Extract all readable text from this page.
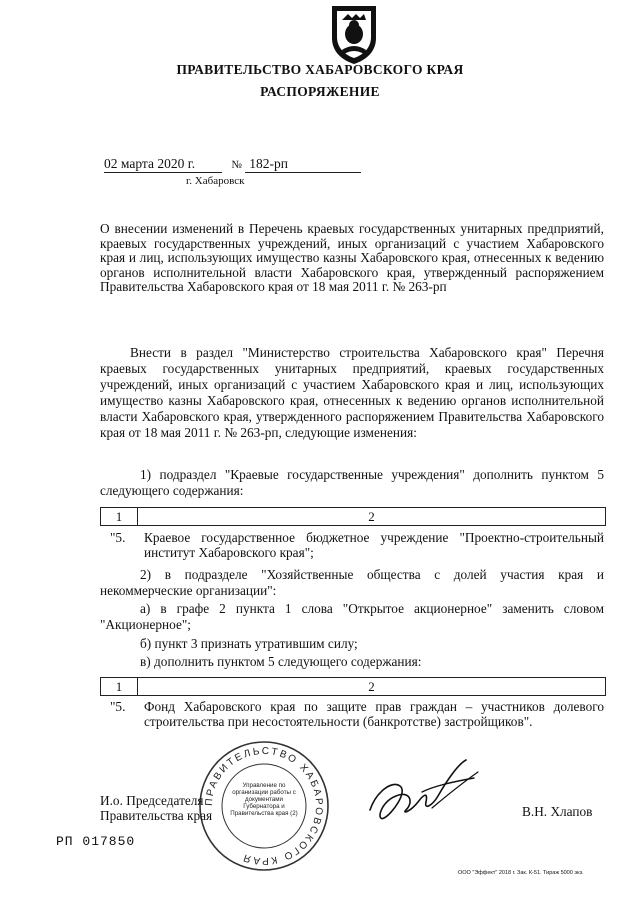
ПРАВИТЕЛЬСТВО ХАБАРОВСКОГО КРАЯ
РАСПОРЯЖЕНИЕ
02 марта 2020 г.	№ 182-рп
г. Хабаровск
О внесении изменений в Перечень краевых государственных унитарных предприятий, краевых государственных учреждений, иных организаций с участием Хабаровского края и лиц, использующих имущество казны Хабаровского края, отнесенных к ведению органов исполнительной власти Хабаровского края, утвержденный распоряжением Правительства Хабаровского края от 18 мая 2011 г. № 263-рп
Внести в раздел "Министерство строительства Хабаровского края" Перечня краевых государственных унитарных предприятий, краевых государственных учреждений, иных организаций с участием Хабаровского края и лиц, использующих имущество казны Хабаровского края, отнесенных к ведению органов исполнительной власти Хабаровского края, утвержденного распоряжением Правительства Хабаровского края от 18 мая 2011 г. № 263-рп, следующие изменения:
1) подраздел "Краевые государственные учреждения" дополнить пунктом 5 следующего содержания:
1	2
"5. Краевое государственное бюджетное учреждение "Проектно-строительный институт Хабаровского края";
2) в подразделе "Хозяйственные общества с долей участия края и некоммерческие организации":
а) в графе 2 пункта 1 слова "Открытое акционерное" заменить словом "Акционерное";
б) пункт 3 признать утратившим силу;
в) дополнить пунктом 5 следующего содержания:
1	2
"5. Фонд Хабаровского края по защите прав граждан – участников долевого строительства при несостоятельности (банкротстве) застройщиков".
ПРАВИТЕЛЬСТВО ХАБАРОВСКОГО КРАЯ
Управление по организации работы с документами Губернатора и Правительства края (2)
И.о. Председателя
Правительства края	В.Н. Хлапов
РП 017850
ООО "Эффект" 2018 г. Зак. К-51. Тираж 5000 экз.
